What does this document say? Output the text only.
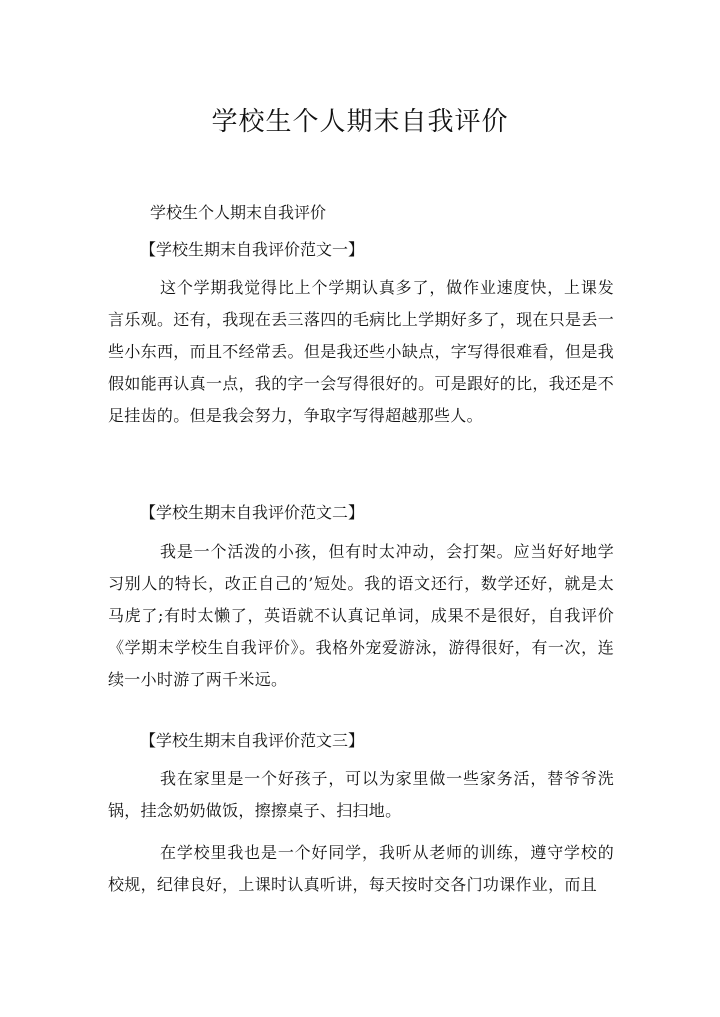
学校生个人期末自我评价

学校生个人期末自我评价

【学校生期末自我评价范文一】

这个学期我觉得比上个学期认真多了，做作业速度快，上课发言乐观。还有，我现在丢三落四的毛病比上学期好多了，现在只是丢一些小东西，而且不经常丢。但是我还些小缺点，字写得很难看，但是我假如能再认真一点，我的字一会写得很好的。可是跟好的比，我还是不足挂齿的。但是我会努力，争取字写得超越那些人。

【学校生期末自我评价范文二】

我是一个活泼的小孩，但有时太冲动，会打架。应当好好地学习别人的特长，改正自己的’短处。我的语文还行，数学还好，就是太马虎了;有时太懒了，英语就不认真记单词，成果不是很好，自我评价《学期末学校生自我评价》。我格外宠爱游泳，游得很好，有一次，连续一小时游了两千米远。

【学校生期末自我评价范文三】

我在家里是一个好孩子，可以为家里做一些家务活，替爷爷洗锅，挂念奶奶做饭，擦擦桌子、扫扫地。

在学校里我也是一个好同学，我听从老师的训练，遵守学校的校规，纪律良好，上课时认真听讲，每天按时交各门功课作业，而且
